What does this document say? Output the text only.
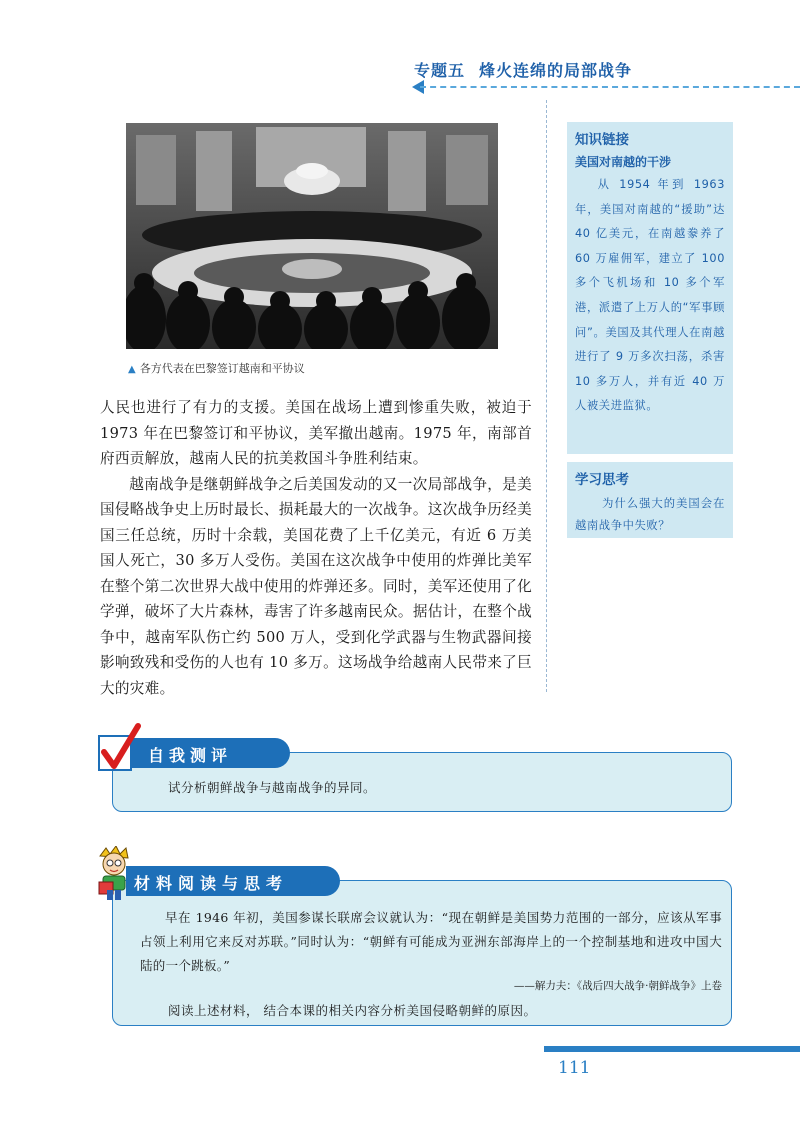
专题五 烽火连绵的局部战争
▲ 各方代表在巴黎签订越南和平协议

人民也进行了有力的支援。美国在战场上遭到惨重失败，被迫于 1973 年在巴黎签订和平协议，美军撤出越南。1975 年，南部首府西贡解放，越南人民的抗美救国斗争胜利结束。

越南战争是继朝鲜战争之后美国发动的又一次局部战争，是美国侵略战争史上历时最长、损耗最大的一次战争。这次战争历经美国三任总统，历时十余载，美国花费了上千亿美元，有近 6 万美国人死亡，30 多万人受伤。美国在这次战争中使用的炸弹比美军在整个第二次世界大战中使用的炸弹还多。同时，美军还使用了化学弹，破坏了大片森林，毒害了许多越南民众。据估计，在整个战争中，越南军队伤亡约 500 万人，受到化学武器与生物武器间接影响致残和受伤的人也有 10 多万。这场战争给越南人民带来了巨大的灾难。

知识链接
美国对南越的干涉
从 1954 年到 1963 年，美国对南越的“援助”达 40 亿美元，在南越豢养了 60 万雇佣军，建立了 100 多个飞机场和 10 多个军港，派遣了上万人的“军事顾问”。美国及其代理人在南越进行了 9 万多次扫荡，杀害 10 多万人，并有近 40 万人被关进监狱。
学习思考
为什么强大的美国会在越南战争中失败？
自我测评
试分析朝鲜战争与越南战争的异同。
材料阅读与思考

早在 1946 年初，美国参谋长联席会议就认为：“现在朝鲜是美国势力范围的一部分，应该从军事占领上利用它来反对苏联。”同时认为：“朝鲜有可能成为亚洲东部海岸上的一个控制基地和进攻中国大陆的一个跳板。”

——解力夫：《战后四大战争·朝鲜战争》上卷
阅读上述材料， 结合本课的相关内容分析美国侵略朝鲜的原因。
111
